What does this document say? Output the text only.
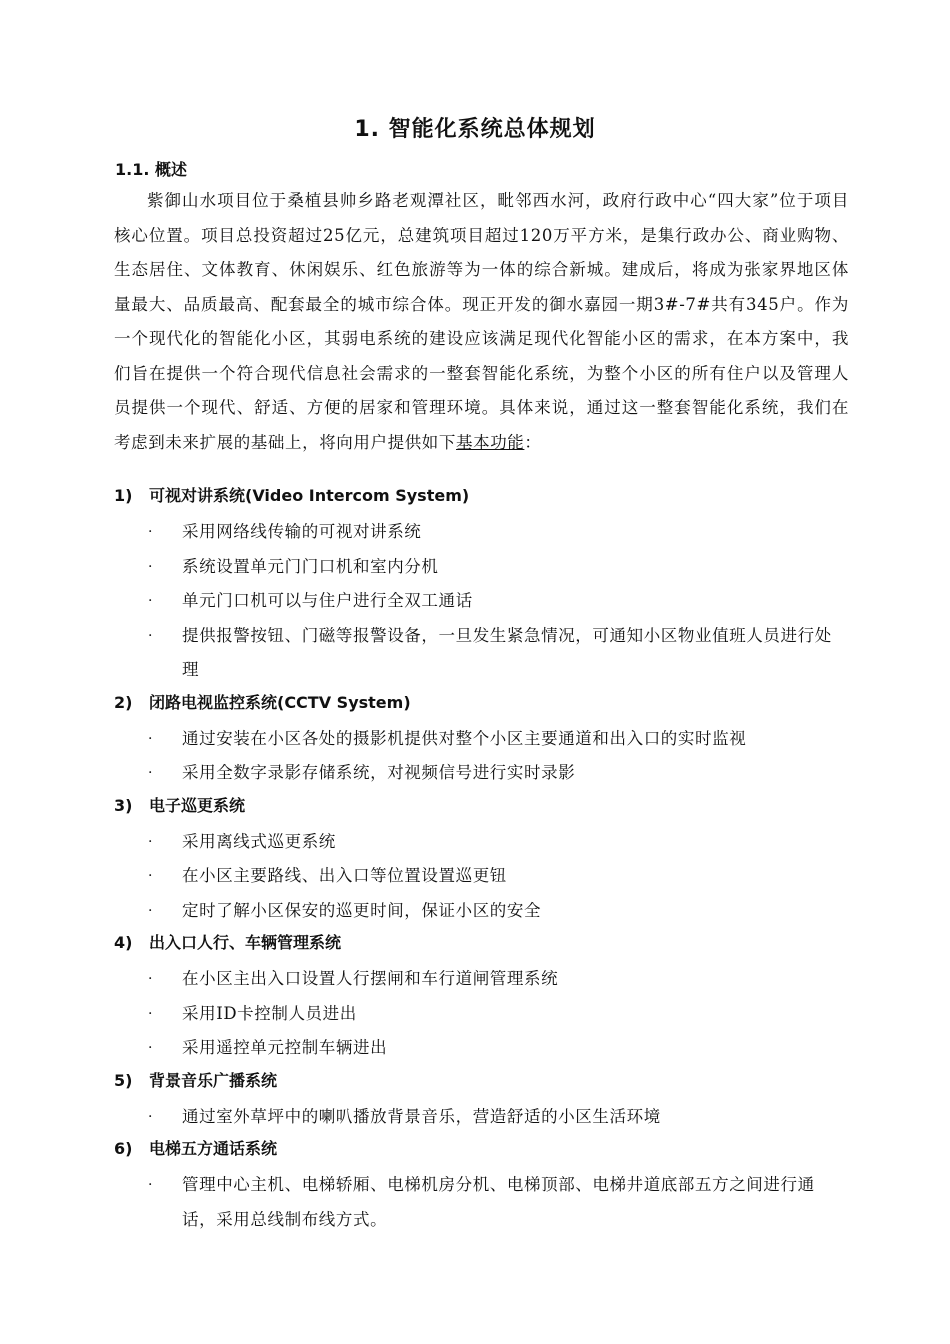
1. 智能化系统总体规划
1.1. 概述

紫御山水项目位于桑植县帅乡路老观潭社区，毗邻西水河，政府行政中心“四大家”位于项目核心位置。项目总投资超过25亿元，总建筑项目超过120万平方米，是集行政办公、商业购物、生态居住、文体教育、休闲娱乐、红色旅游等为一体的综合新城。建成后，将成为张家界地区体量最大、品质最高、配套最全的城市综合体。现正开发的御水嘉园一期3#-7#共有345户。作为一个现代化的智能化小区，其弱电系统的建设应该满足现代化智能小区的需求，在本方案中，我们旨在提供一个符合现代信息社会需求的一整套智能化系统，为整个小区的所有住户以及管理人员提供一个现代、舒适、方便的居家和管理环境。具体来说，通过这一整套智能化系统，我们在考虑到未来扩展的基础上，将向用户提供如下基本功能：

1) 可视对讲系统(Video Intercom System)
· 采用网络线传输的可视对讲系统
· 系统设置单元门门口机和室内分机
· 单元门口机可以与住户进行全双工通话
· 提供报警按钮、门磁等报警设备，一旦发生紧急情况，可通知小区物业值班人员进行处理
2) 闭路电视监控系统(CCTV System)
· 通过安装在小区各处的摄影机提供对整个小区主要通道和出入口的实时监视
· 采用全数字录影存储系统，对视频信号进行实时录影
3) 电子巡更系统
· 采用离线式巡更系统
· 在小区主要路线、出入口等位置设置巡更钮
· 定时了解小区保安的巡更时间，保证小区的安全
4) 出入口人行、车辆管理系统
· 在小区主出入口设置人行摆闸和车行道闸管理系统
· 采用ID卡控制人员进出
· 采用遥控单元控制车辆进出
5) 背景音乐广播系统
· 通过室外草坪中的喇叭播放背景音乐，营造舒适的小区生活环境
6) 电梯五方通话系统
· 管理中心主机、电梯轿厢、电梯机房分机、电梯顶部、电梯井道底部五方之间进行通话，采用总线制布线方式。
